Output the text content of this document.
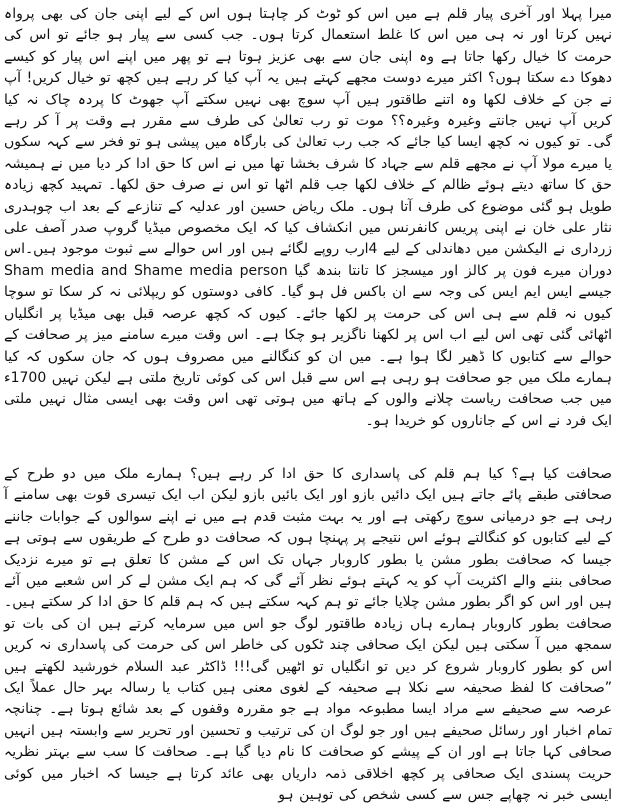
میرا پہلا اور آخری پیار قلم ہے میں اس کو ٹوٹ کر چاہتا ہوں اس کے لیے اپنی جان کی بھی پرواہ نہیں کرتا اور نہ ہی میں اس کا غلط استعمال کرتا ہوں۔ جب کسی سے پیار ہو جائے تو اس کی حرمت کا خیال رکھا جاتا ہے وہ اپنی جان سے بھی عزیز ہوتا ہے تو پھر میں اپنے اس پیار کو کیسے دھوکا دے سکتا ہوں؟ اکثر میرے دوست مجھے کہتے ہیں یہ آپ کیا کر رہے ہیں کچھ تو خیال کریں! آپ نے جن کے خلاف لکھا وہ اتنے طاقتور ہیں آپ سوچ بھی نہیں سکتے آپ جھوٹ کا پردہ چاک نہ کیا کریں آپ نہیں جانتے وغیرہ وغیرہ؟؟ موت تو رب تعالیٰ کی طرف سے مقرر ہے وقت پر آ کر رہے گی۔ تو کیوں نہ کچھ ایسا کیا جائے کہ جب رب تعالیٰ کی بارگاہ میں پیشی ہو تو فخر سے کہہ سکوں یا میرے مولا آپ نے مجھے قلم سے جہاد کا شرف بخشا تھا میں نے اس کا حق ادا کر دیا میں نے ہمیشہ حق کا ساتھ دیتے ہوئے ظالم کے خلاف لکھا جب قلم اٹھا تو اس نے صرف حق لکھا۔ تمہید کچھ زیادہ طویل ہو گئی موضوع کی طرف آتا ہوں۔ ملک ریاض حسین اور عدلیہ کے تنازعے کے بعد اب چوہدری نثار علی خان نے اپنی پریس کانفرنس میں انکشاف کیا کہ ایک مخصوص میڈیا گروپ صدر آصف علی زرداری نے الیکشن میں دھاندلی کے لیے 4ارب روپے لگائے ہیں اور اس حوالے سے ثبوت موجود ہیں۔اس دوران میرے فون پر کالز اور میسجز کا تانتا بندھ گیا Sham media and Shame media person جیسے ایس ایم ایس کی وجہ سے ان باکس فل ہو گیا۔ کافی دوستوں کو ریپلائی نہ کر سکا تو سوچا کیوں نہ قلم سے ہی اس کی حرمت پر لکھا جائے۔ کیوں کہ کچھ عرصہ قبل بھی میڈیا پر انگلیاں اٹھائی گئی تھی اس لیے اب اس پر لکھنا ناگزیر ہو چکا ہے۔ اس وقت میرے سامنے میز پر صحافت کے حوالے سے کتابوں کا ڈھیر لگا ہوا ہے۔ میں ان کو کنگالنے میں مصروف ہوں کہ جان سکوں کہ کیا ہمارے ملک میں جو صحافت ہو رہی ہے اس سے قبل اس کی کوئی تاریخ ملتی ہے لیکن نہیں 1700ء میں جب صحافت ریاست چلانے والوں کے ہاتھ میں ہوتی تھی اس وقت بھی ایسی مثال نہیں ملتی ایک فرد نے اس کے جاناروں کو خریدا ہو۔
صحافت کیا ہے؟ کیا ہم قلم کی پاسداری کا حق ادا کر رہے ہیں؟ ہمارے ملک میں دو طرح کے صحافتی طبقے پائے جاتے ہیں ایک دائیں بازو اور ایک بائیں بازو لیکن اب ایک تیسری قوت بھی سامنے آ رہی ہے جو درمیانی سوچ رکھتی ہے اور یہ بہت مثبت قدم ہے میں نے اپنے سوالوں کے جوابات جاننے کے لیے کتابوں کو کنگالتے ہوئے اس نتیجے پر پہنچا ہوں کہ صحافت دو طرح کے طریقوں سے ہوتی ہے جیسا کہ صحافت بطور مشن یا بطور کاروبار جہاں تک اس کے مشن کا تعلق ہے تو میرے نزدیک صحافی بننے والے اکثریت آپ کو یہ کہتے ہوئے نظر آئے گی کہ ہم ایک مشن لے کر اس شعبے میں آئے ہیں اور اس کو اگر بطور مشن چلایا جائے تو ہم کہہ سکتے ہیں کہ ہم قلم کا حق ادا کر سکتے ہیں۔ صحافت بطور کاروبار ہمارے ہاں زیادہ طاقتور لوگ جو اس میں سرمایہ کرتے ہیں ان کی بات تو سمجھ میں آ سکتی ہیں لیکن ایک صحافی چند ٹکوں کی خاطر اس کی حرمت کی پاسداری نہ کریں اس کو بطور کاروبار شروع کر دیں تو انگلیاں تو اٹھیں گی!!! ڈاکٹر عبد السلام خورشید لکھتے ہیں ”صحافت کا لفظ صحیفہ سے نکلا ہے صحیفہ کے لغوی معنی ہیں کتاب یا رسالہ بہر حال عملاً ایک عرصہ سے صحیفے سے مراد ایسا مطبوعہ مواد ہے جو مقررہ وقفوں کے بعد شائع ہوتا ہے۔ چنانچہ تمام اخبار اور رسائل صحیفے ہیں اور جو لوگ ان کی ترتیب و تحسین اور تحریر سے وابستہ ہیں انہیں صحافی کہا جاتا ہے اور ان کے پیشے کو صحافت کا نام دیا گیا ہے۔ صحافت کا سب سے بہتر نظریہ حریت پسندی ایک صحافی پر کچھ اخلاقی ذمہ داریاں بھی عائد کرتا ہے جیسا کہ اخبار میں کوئی ایسی خبر نہ چھاپے جس سے کسی شخص کی توہین ہو
